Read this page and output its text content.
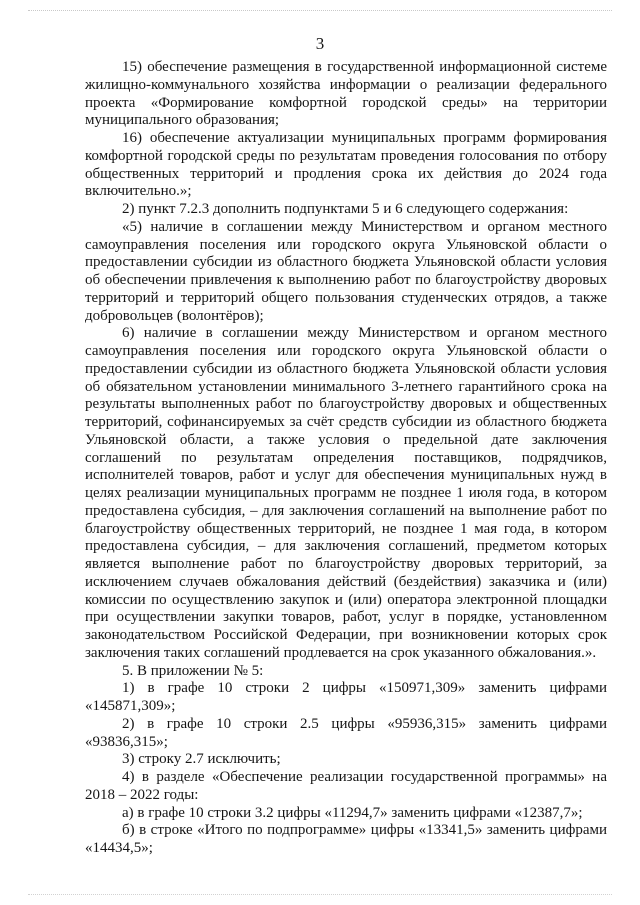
3

15) обеспечение размещения в государственной информационной системе жилищно-коммунального хозяйства информации о реализации федерального проекта «Формирование комфортной городской среды» на территории муниципального образования;

16) обеспечение актуализации муниципальных программ формирования комфортной городской среды по результатам проведения голосования по отбору общественных территорий и продления срока их действия до 2024 года включительно.»;

2) пункт 7.2.3 дополнить подпунктами 5 и 6 следующего содержания:

«5) наличие в соглашении между Министерством и органом местного самоуправления поселения или городского округа Ульяновской области о предоставлении субсидии из областного бюджета Ульяновской области условия об обеспечении привлечения к выполнению работ по благоустройству дворовых территорий и территорий общего пользования студенческих отрядов, а также добровольцев (волонтёров);

6) наличие в соглашении между Министерством и органом местного самоуправления поселения или городского округа Ульяновской области о предоставлении субсидии из областного бюджета Ульяновской области условия об обязательном установлении минимального 3-летнего гарантийного срока на результаты выполненных работ по благоустройству дворовых и общественных территорий, софинансируемых за счёт средств субсидии из областного бюджета Ульяновской области, а также условия о предельной дате заключения соглашений по результатам определения поставщиков, подрядчиков, исполнителей товаров, работ и услуг для обеспечения муниципальных нужд в целях реализации муниципальных программ не позднее 1 июля года, в котором предоставлена субсидия, – для заключения соглашений на выполнение работ по благоустройству общественных территорий, не позднее 1 мая года, в котором предоставлена субсидия, – для заключения соглашений, предметом которых является выполнение работ по благоустройству дворовых территорий, за исключением случаев обжалования действий (бездействия) заказчика и (или) комиссии по осуществлению закупок и (или) оператора электронной площадки при осуществлении закупки товаров, работ, услуг в порядке, установленном законодательством Российской Федерации, при возникновении которых срок заключения таких соглашений продлевается на срок указанного обжалования.».

5. В приложении № 5:

1) в графе 10 строки 2 цифры «150971,309» заменить цифрами «145871,309»;

2) в графе 10 строки 2.5 цифры «95936,315» заменить цифрами «93836,315»;

3) строку 2.7 исключить;

4) в разделе «Обеспечение реализации государственной программы» на 2018 – 2022 годы:

а) в графе 10 строки 3.2 цифры «11294,7» заменить цифрами «12387,7»;

б) в строке «Итого по подпрограмме» цифры «13341,5» заменить цифрами «14434,5»;
